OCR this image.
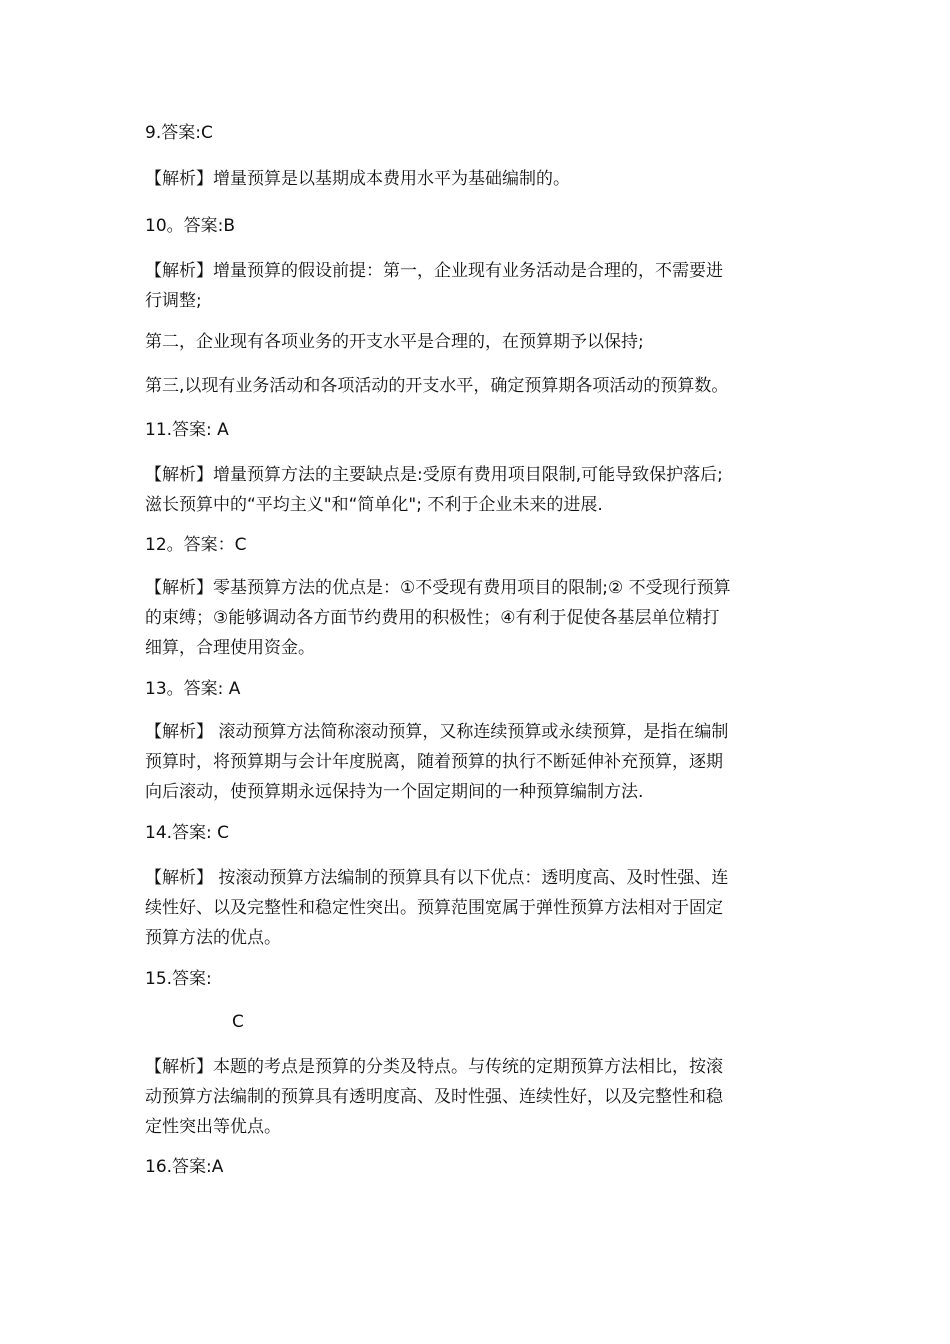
9.答案:C
【解析】增量预算是以基期成本费用水平为基础编制的。
10。答案:B
【解析】增量预算的假设前提：第一，企业现有业务活动是合理的，不需要进
行调整;
第二，企业现有各项业务的开支水平是合理的，在预算期予以保持;
第三,以现有业务活动和各项活动的开支水平，确定预算期各项活动的预算数。
11.答案: A
【解析】增量预算方法的主要缺点是:受原有费用项目限制,可能导致保护落后;
滋长预算中的“平均主义"和“简单化"; 不利于企业未来的进展.
12。答案：C
【解析】零基预算方法的优点是：①不受现有费用项目的限制;② 不受现行预算
的束缚；③能够调动各方面节约费用的积极性；④有利于促使各基层单位精打
细算，合理使用资金。
13。答案: A
【解析】 滚动预算方法简称滚动预算，又称连续预算或永续预算，是指在编制
预算时，将预算期与会计年度脱离，随着预算的执行不断延伸补充预算，逐期
向后滚动，使预算期永远保持为一个固定期间的一种预算编制方法.
14.答案: C
【解析】 按滚动预算方法编制的预算具有以下优点：透明度高、及时性强、连
续性好、以及完整性和稳定性突出。预算范围宽属于弹性预算方法相对于固定
预算方法的优点。
15.答案:
C
【解析】本题的考点是预算的分类及特点。与传统的定期预算方法相比，按滚
动预算方法编制的预算具有透明度高、及时性强、连续性好，以及完整性和稳
定性突出等优点。
16.答案:A
